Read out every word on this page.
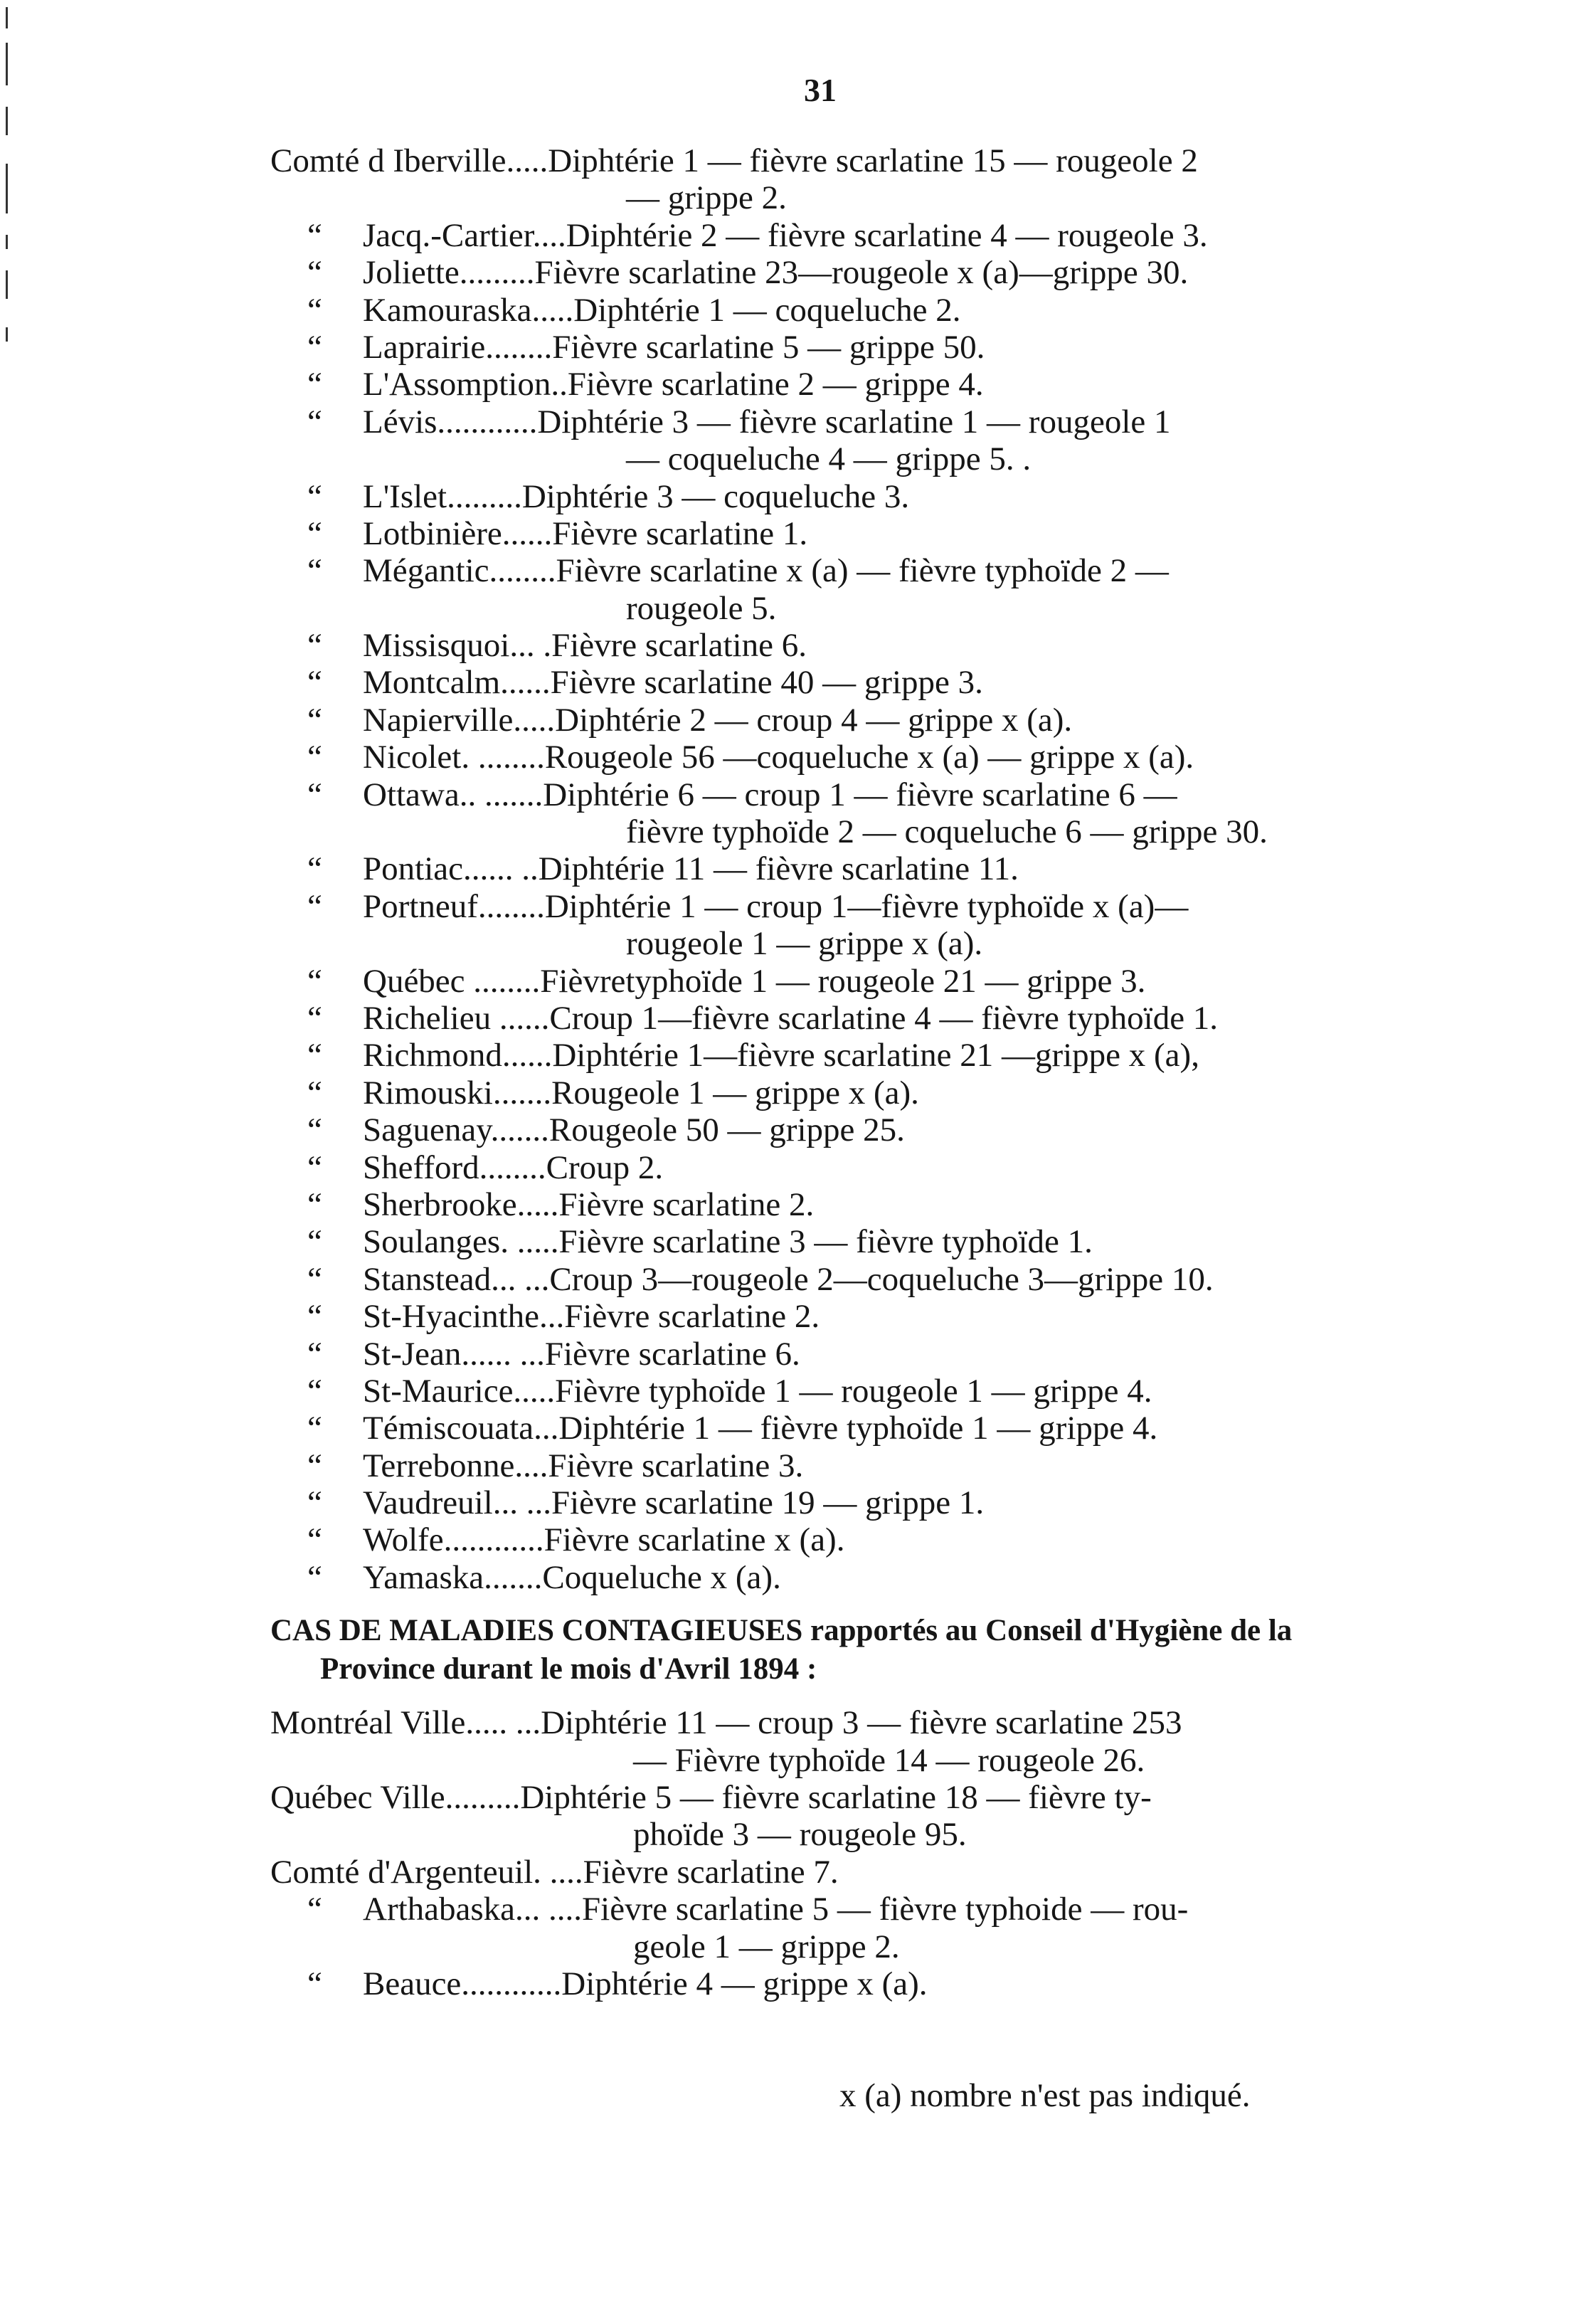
31
Comté d Iberville.....Diphtérie 1 — fièvre scarlatine 15 — rougeole 2
— grippe 2.
“ Jacq.-Cartier....Diphtérie 2 — fièvre scarlatine 4 — rougeole 3.
“ Joliette.........Fièvre scarlatine 23—rougeole x (a)—grippe 30.
“ Kamouraska.....Diphtérie 1 — coqueluche 2.
“ Laprairie........Fièvre scarlatine 5 — grippe 50.
“ L'Assomption..Fièvre scarlatine 2 — grippe 4.
“ Lévis............Diphtérie 3 — fièvre scarlatine 1 — rougeole 1
— coqueluche 4 — grippe 5. .
“ L'Islet.........Diphtérie 3 — coqueluche 3.
“ Lotbinière......Fièvre scarlatine 1.
“ Mégantic........Fièvre scarlatine x (a) — fièvre typhoïde 2 —
rougeole 5.
“ Missisquoi... .Fièvre scarlatine 6.
“ Montcalm......Fièvre scarlatine 40 — grippe 3.
“ Napierville.....Diphtérie 2 — croup 4 — grippe x (a).
“ Nicolet. ........Rougeole 56 —coqueluche x (a) — grippe x (a).
“ Ottawa.. .......Diphtérie 6 — croup 1 — fièvre scarlatine 6 —
fièvre typhoïde 2 — coqueluche 6 — grippe 30.
“ Pontiac...... ..Diphtérie 11 — fièvre scarlatine 11.
“ Portneuf........Diphtérie 1 — croup 1—fièvre typhoïde x (a)—
rougeole 1 — grippe x (a).
“ Québec ........Fièvretyphoïde 1 — rougeole 21 — grippe 3.
“ Richelieu ......Croup 1—fièvre scarlatine 4 — fièvre typhoïde 1.
“ Richmond......Diphtérie 1—fièvre scarlatine 21 —grippe x (a),
“ Rimouski.......Rougeole 1 — grippe x (a).
“ Saguenay.......Rougeole 50 — grippe 25.
“ Shefford........Croup 2.
“ Sherbrooke.....Fièvre scarlatine 2.
“ Soulanges. .....Fièvre scarlatine 3 — fièvre typhoïde 1.
“ Stanstead... ...Croup 3—rougeole 2—coqueluche 3—grippe 10.
“ St-Hyacinthe...Fièvre scarlatine 2.
“ St-Jean...... ...Fièvre scarlatine 6.
“ St-Maurice.....Fièvre typhoïde 1 — rougeole 1 — grippe 4.
“ Témiscouata...Diphtérie 1 — fièvre typhoïde 1 — grippe 4.
“ Terrebonne....Fièvre scarlatine 3.
“ Vaudreuil... ...Fièvre scarlatine 19 — grippe 1.
“ Wolfe............Fièvre scarlatine x (a).
“ Yamaska.......Coqueluche x (a).
CAS DE MALADIES CONTAGIEUSES rapportés au Conseil d'Hygiène de la
Province durant le mois d'Avril 1894 :
Montréal Ville..... ...Diphtérie 11 — croup 3 — fièvre scarlatine 253
— Fièvre typhoïde 14 — rougeole 26.
Québec Ville.........Diphtérie 5 — fièvre scarlatine 18 — fièvre ty-
phoïde 3 — rougeole 95.
Comté d'Argenteuil. ....Fièvre scarlatine 7.
“ Arthabaska... ....Fièvre scarlatine 5 — fièvre typhoide — rou-
geole 1 — grippe 2.
“ Beauce............Diphtérie 4 — grippe x (a).
x (a) nombre n'est pas indiqué.
